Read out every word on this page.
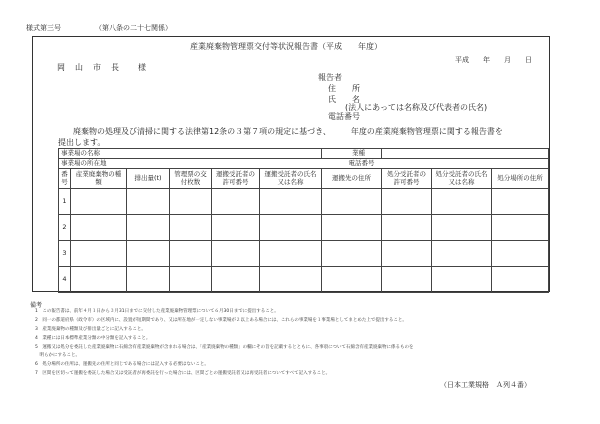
様式第三号	（第八条の二十七関係）
産業廃棄物管理票交付等状況報告書（平成　　年度）
平成　　年　　月　　日
岡　山　市　長　　様
報告者
住　　所
氏　　名
(法人にあっては名称及び代表者の氏名)
電話番号
廃棄物の処理及び清掃に関する法律第12条の３第７項の規定に基づき、　　　年度の産業廃棄物管理票に関する報告書を
提出します。
事業場の名称						業種			
事業場の所在地 電話番号									

番号	産業廃棄物の種類	排出量(t)	管理票の交付枚数	運搬受託者の許可番号	運搬受託者の氏名又は名称	運搬先の住所	処分受託者の許可番号	処分受託者の氏名又は名称	処分場所の住所
1									
2									
3									
4									
備考
1　この報告書は、前年４月１日から３月31日までに交付した産業廃棄物管理票について６月30日までに提出すること。
2　同一の都道府県（政令市）の区域内に、設置が短期間であり、又は所在地が一定しない事業場が２以上ある場合には、これらの事業場を１事業場としてまとめた上で提出すること。
3　産業廃棄物の種類及び排出量ごとに記入すること。
4　業種には日本標準産業分類の中分類を記入すること。
5　運搬又は処分を委託した産業廃棄物に石綿含有産業廃棄物が含まれる場合は、「産業廃棄物の種類」の欄にその旨を記載するとともに、各事項について石綿含有産業廃棄物に係るものを
　明らかにすること。
6　処分場所の住所は、運搬先の住所と同じである場合には記入する必要はないこと。
7　区間を区切って運搬を委託した場合又は受託者が再委託を行った場合には、区間ごとの運搬受託者又は再受託者についてすべて記入すること。
（日本工業規格　Ａ列４番）
